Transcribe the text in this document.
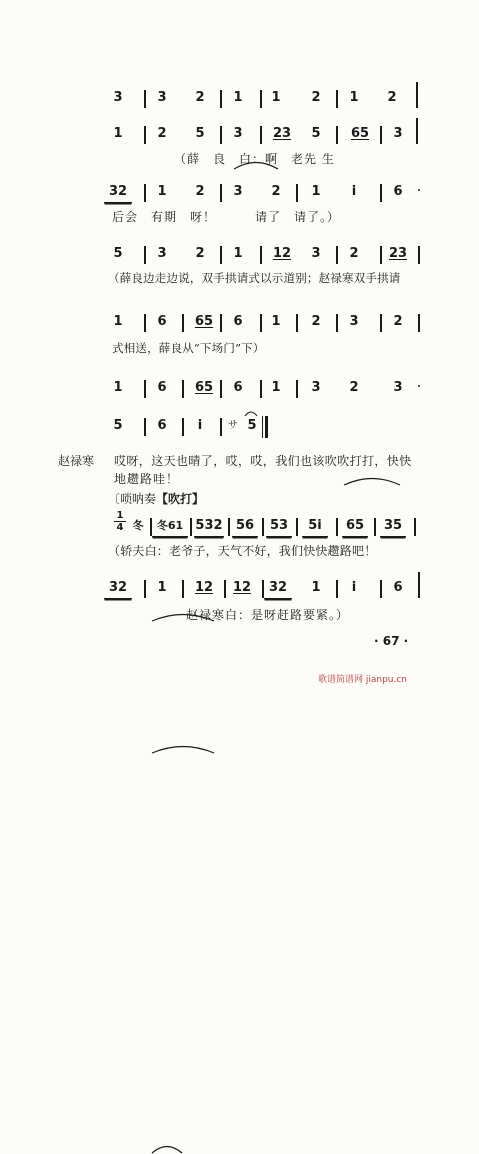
3	3	2	1	1	2	1	2
1	2	5	3	23	5	65	3
（薛　良　白：啊　老先 生
32	1	2	3	2	1	i	6
后会　有期　呀！　　　请了　请了。）
5	3	2	1	12	3	2	23
（薛良边走边说，双手拱请式以示道别；赵禄寒双手拱请
1	6	65	6	1	2	3	2
式相送，薛良从“下场门”下）
1	6	65	6	1	3	2	3
5	6	i	サ 5
赵禄寒 哎呀，这天也晴了，哎，哎，我们也该吹吹打打，快快
地趱路哇！
〔唢呐奏【吹打】
1
4 冬	冬61 532	56	53	5i	65	35
（轿夫白：老爷子，天气不好，我们快快趱路吧！
32	1	12	12	32	1	i	6
赵禄寒白：是呀赶路要紧。）
· 67 ·
歌谱简谱网 jianpu.cn
